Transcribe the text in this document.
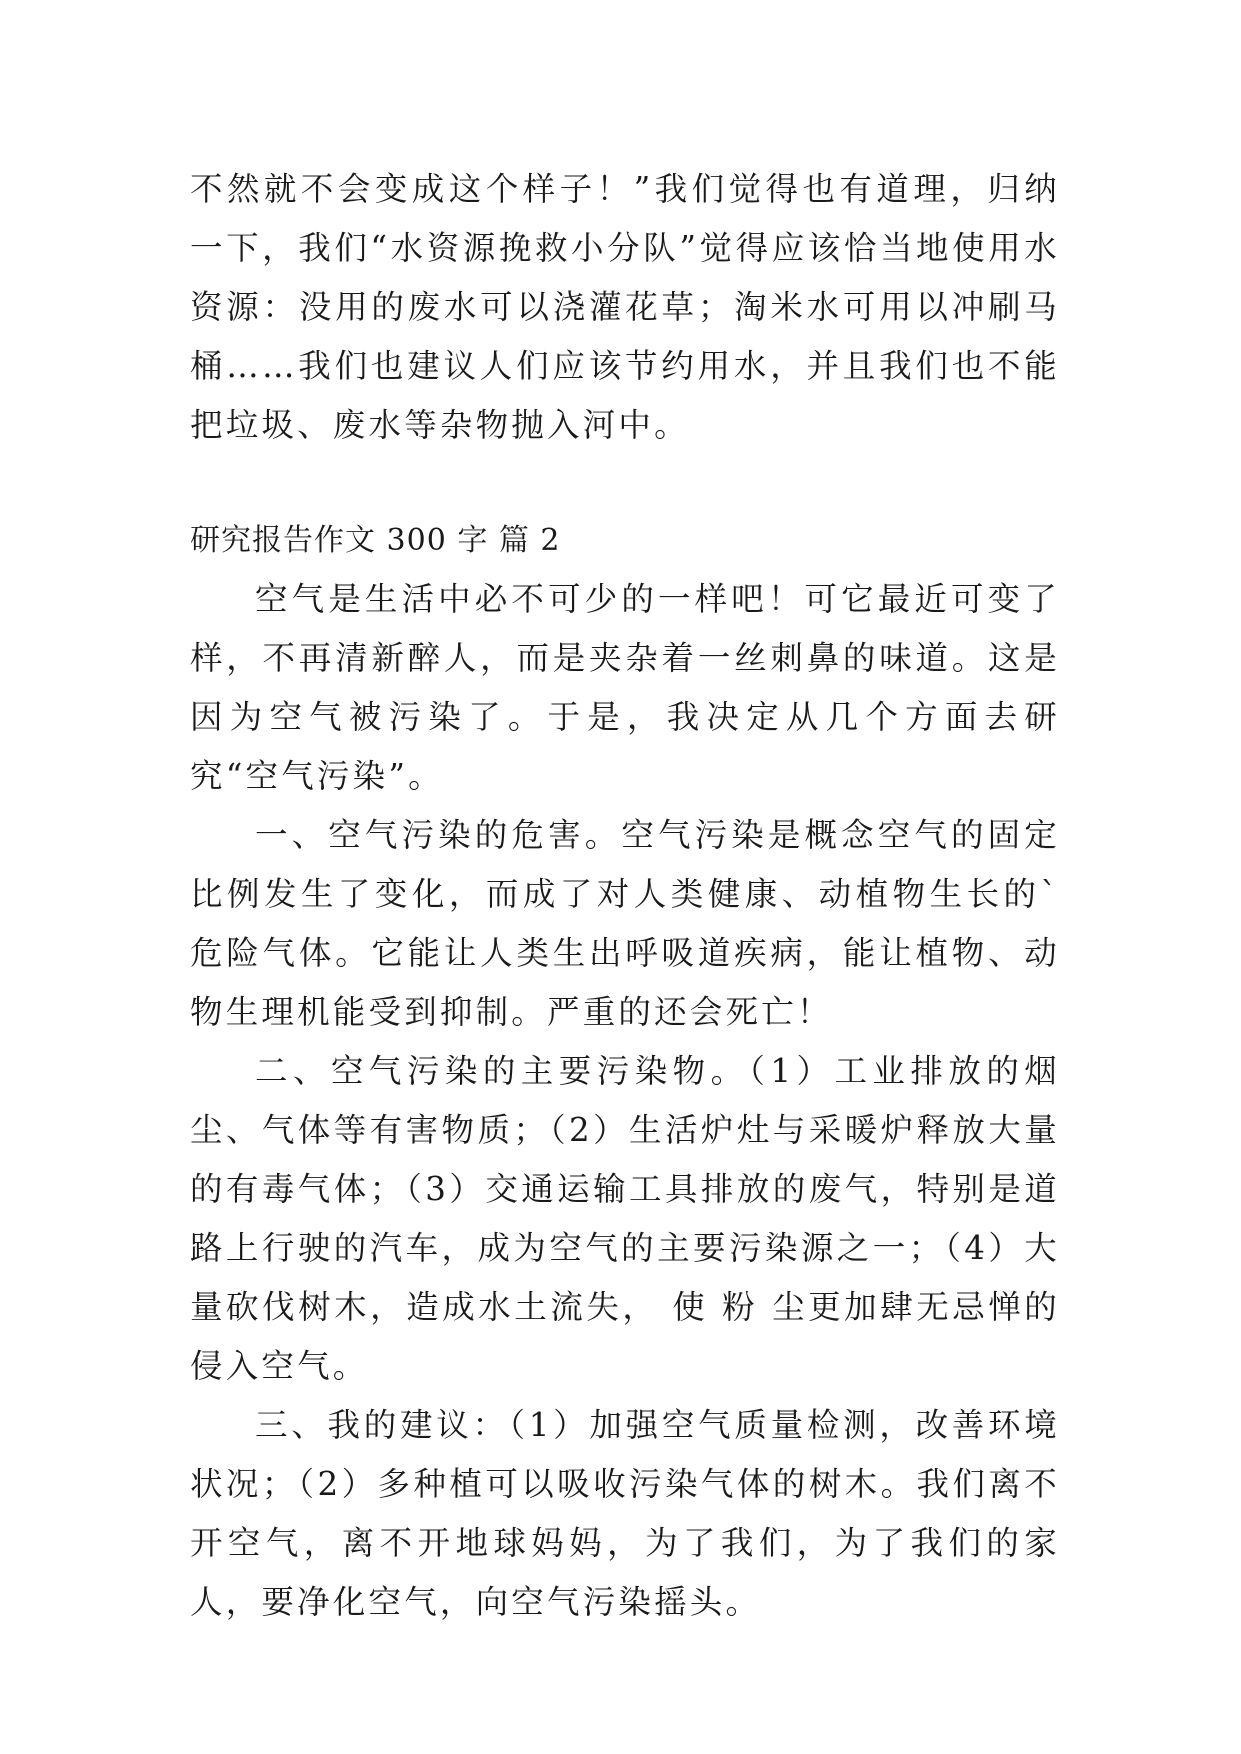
不然就不会变成这个样子！”我们觉得也有道理，归纳一下，我们“水资源挽救小分队”觉得应该恰当地使用水资源：没用的废水可以浇灌花草；淘米水可用以冲刷马桶……我们也建议人们应该节约用水，并且我们也不能把垃圾、废水等杂物抛入河中。

研究报告作文 300 字 篇 2

空气是生活中必不可少的一样吧！可它最近可变了样，不再清新醉人，而是夹杂着一丝刺鼻的味道。这是因为空气被污染了。于是，我决定从几个方面去研究“空气污染”。

一、空气污染的危害。空气污染是概念空气的固定比例发生了变化，而成了对人类健康、动植物生长的`危险气体。它能让人类生出呼吸道疾病，能让植物、动物生理机能受到抑制。严重的还会死亡！

二、空气污染的主要污染物。（1）工业排放的烟尘、气体等有害物质；（2）生活炉灶与采暖炉释放大量的有毒气体；（3）交通运输工具排放的废气，特别是道路上行驶的汽车，成为空气的主要污染源之一；（4）大量砍伐树木，造成水土流失， 使 粉 尘更加肆无忌惮的侵入空气。

三、我的建议：（1）加强空气质量检测，改善环境状况；（2）多种植可以吸收污染气体的树木。我们离不开空气，离不开地球妈妈，为了我们，为了我们的家人，要净化空气，向空气污染摇头。
